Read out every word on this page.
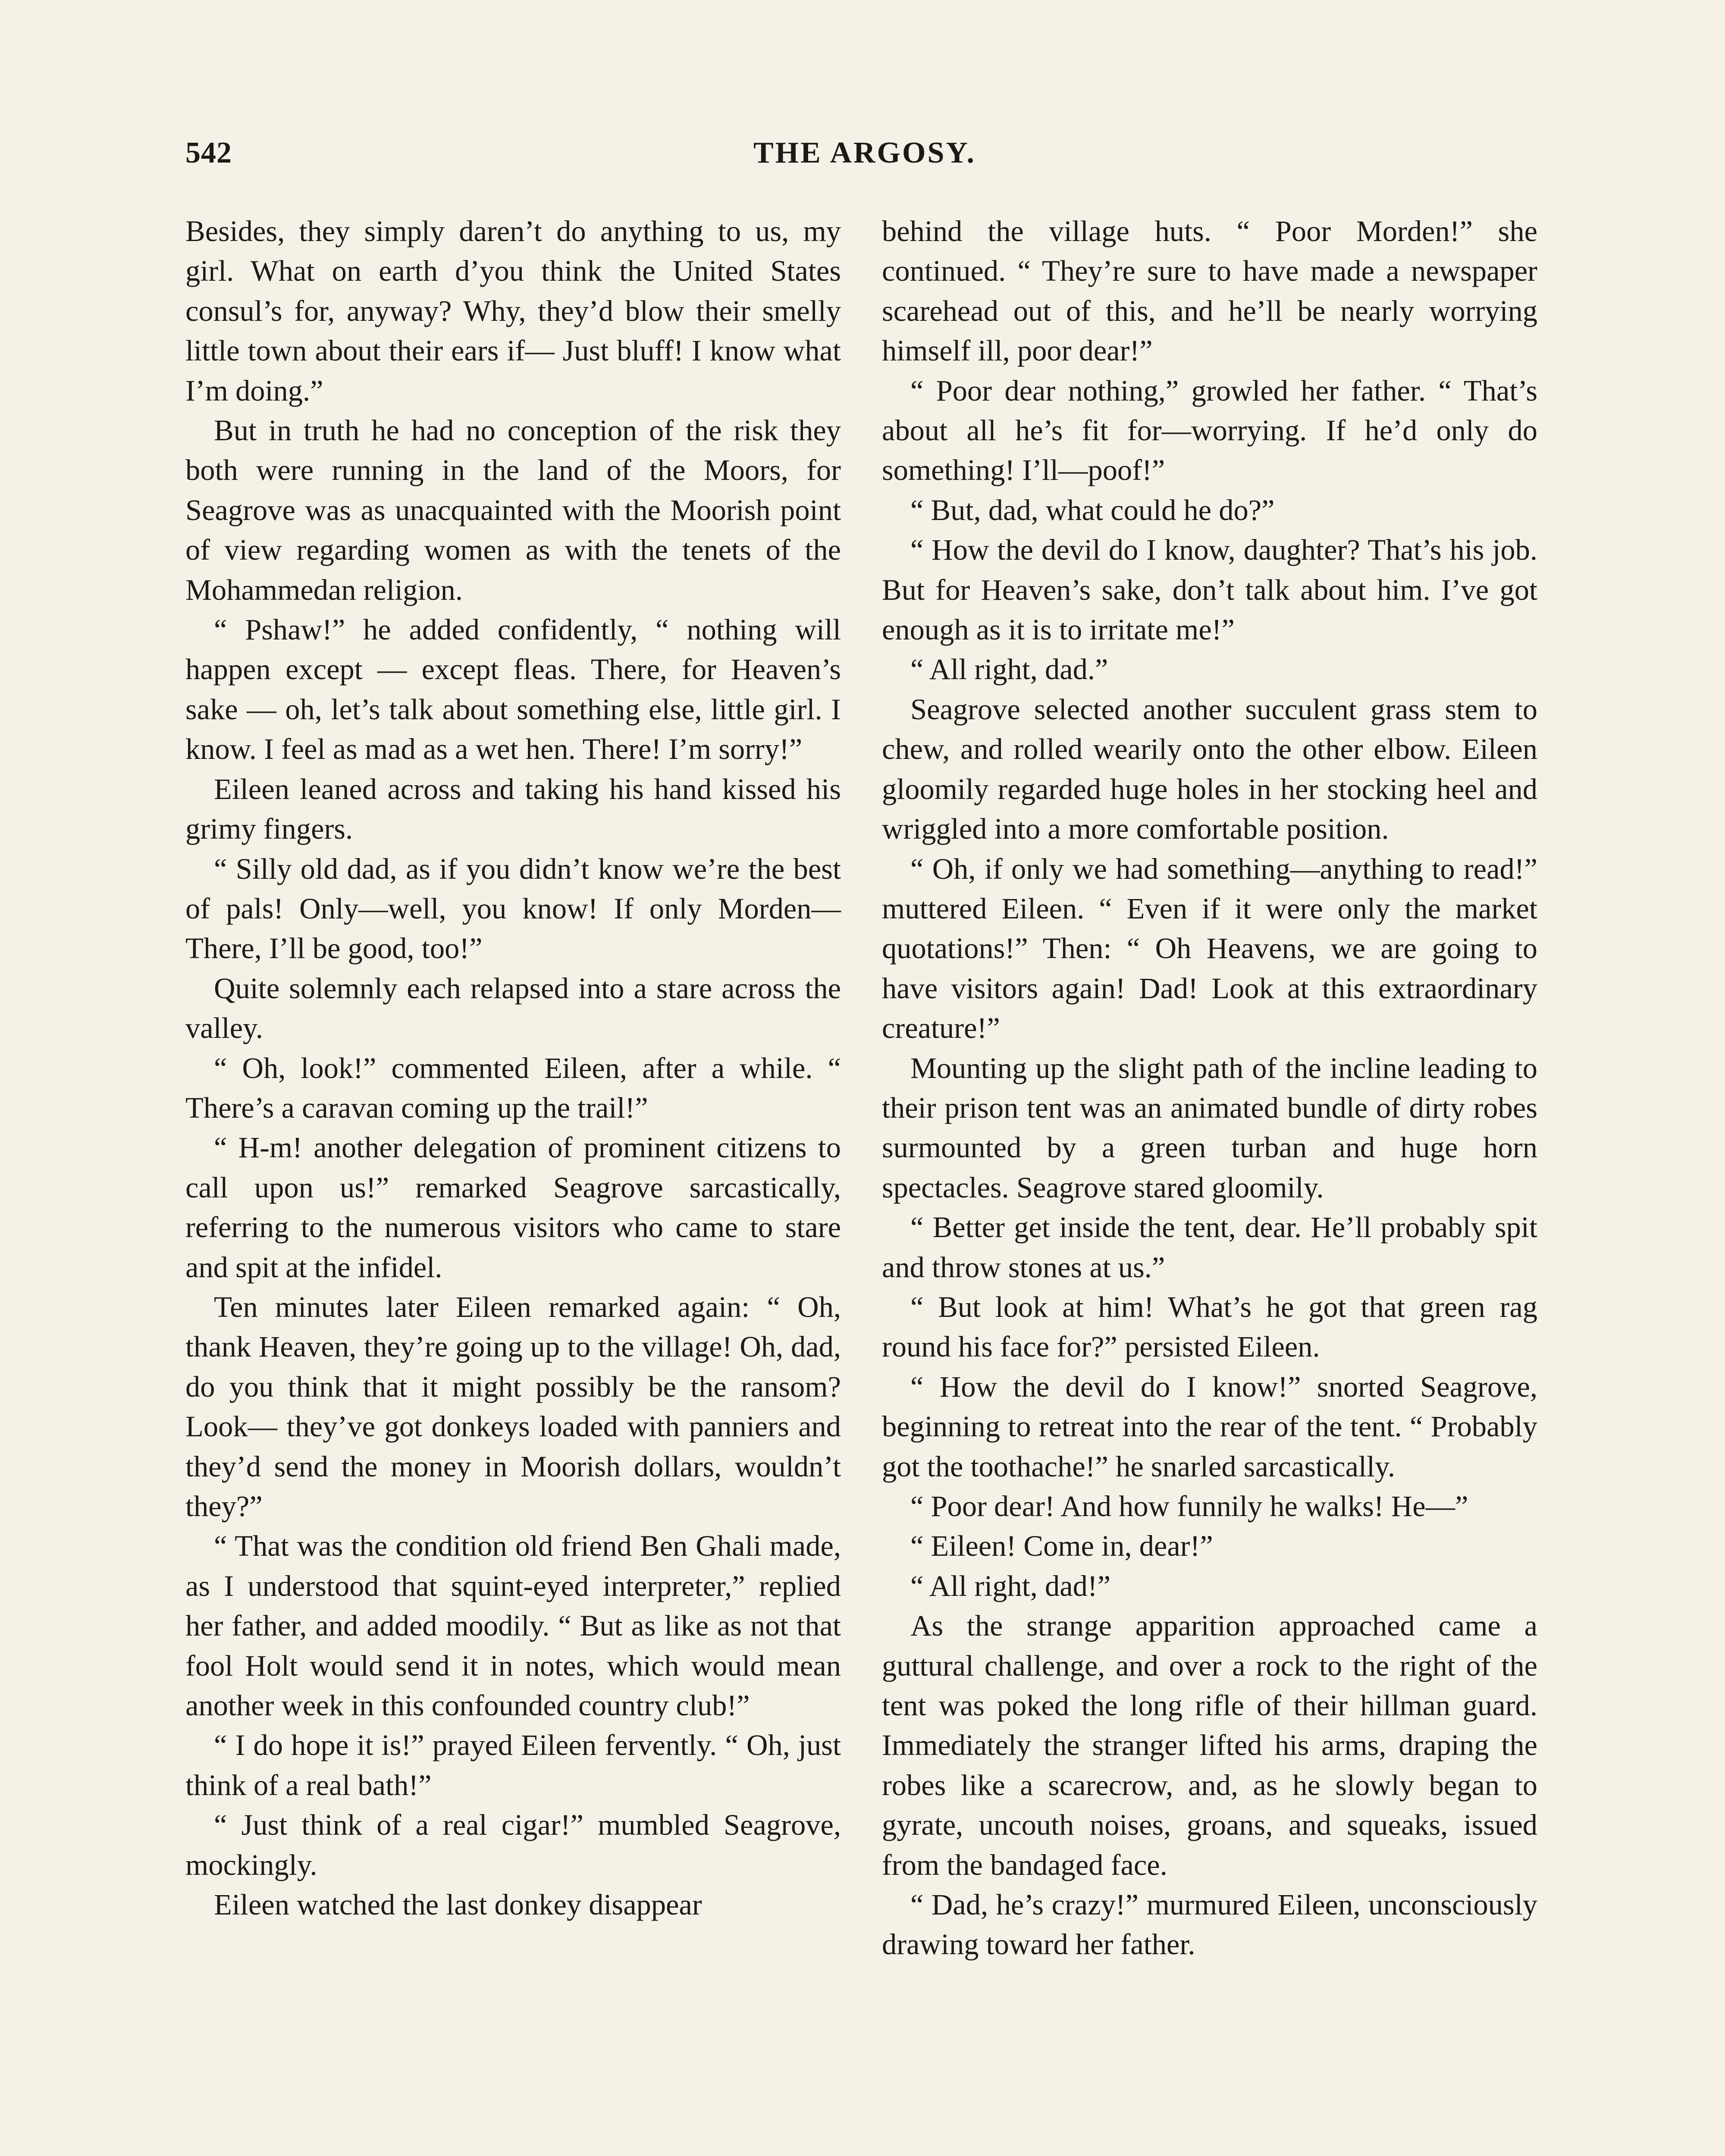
542	THE ARGOSY.

Besides, they simply daren’t do anything to us, my girl. What on earth d’you think the United States consul’s for, anyway? Why, they’d blow their smelly little town about their ears if— Just bluff! I know what I’m doing.”

But in truth he had no conception of the risk they both were running in the land of the Moors, for Seagrove was as unacquainted with the Moorish point of view regarding women as with the tenets of the Mohammedan religion.

“ Pshaw!” he added confidently, “ nothing will happen except — except fleas. There, for Heaven’s sake — oh, let’s talk about something else, little girl. I know. I feel as mad as a wet hen. There! I’m sorry!”

Eileen leaned across and taking his hand kissed his grimy fingers.

“ Silly old dad, as if you didn’t know we’re the best of pals! Only—well, you know! If only Morden— There, I’ll be good, too!”

Quite solemnly each relapsed into a stare across the valley.

“ Oh, look!” commented Eileen, after a while. “ There’s a caravan coming up the trail!”

“ H-m! another delegation of prominent citizens to call upon us!” remarked Seagrove sarcastically, referring to the numerous visitors who came to stare and spit at the infidel.

Ten minutes later Eileen remarked again: “ Oh, thank Heaven, they’re going up to the village! Oh, dad, do you think that it might possibly be the ransom? Look— they’ve got donkeys loaded with panniers and they’d send the money in Moorish dollars, wouldn’t they?”

“ That was the condition old friend Ben Ghali made, as I understood that squint-eyed interpreter,” replied her father, and added moodily. “ But as like as not that fool Holt would send it in notes, which would mean another week in this confounded country club!”

“ I do hope it is!” prayed Eileen fervently. “ Oh, just think of a real bath!”

“ Just think of a real cigar!” mumbled Seagrove, mockingly.

Eileen watched the last donkey disappear

behind the village huts. “ Poor Morden!” she continued. “ They’re sure to have made a newspaper scarehead out of this, and he’ll be nearly worrying himself ill, poor dear!”

“ Poor dear nothing,” growled her father. “ That’s about all he’s fit for—worrying. If he’d only do something! I’ll—poof!”

“ But, dad, what could he do?”

“ How the devil do I know, daughter? That’s his job. But for Heaven’s sake, don’t talk about him. I’ve got enough as it is to irritate me!”

“ All right, dad.”

Seagrove selected another succulent grass stem to chew, and rolled wearily onto the other elbow. Eileen gloomily regarded huge holes in her stocking heel and wriggled into a more comfortable position.

“ Oh, if only we had something—anything to read!” muttered Eileen. “ Even if it were only the market quotations!” Then: “ Oh Heavens, we are going to have visitors again! Dad! Look at this extraordinary creature!”

Mounting up the slight path of the incline leading to their prison tent was an animated bundle of dirty robes surmounted by a green turban and huge horn spectacles. Seagrove stared gloomily.

“ Better get inside the tent, dear. He’ll probably spit and throw stones at us.”

“ But look at him! What’s he got that green rag round his face for?” persisted Eileen.

“ How the devil do I know!” snorted Seagrove, beginning to retreat into the rear of the tent. “ Probably got the toothache!” he snarled sarcastically.

“ Poor dear! And how funnily he walks! He—”

“ Eileen! Come in, dear!”

“ All right, dad!”

As the strange apparition approached came a guttural challenge, and over a rock to the right of the tent was poked the long rifle of their hillman guard. Immediately the stranger lifted his arms, draping the robes like a scarecrow, and, as he slowly began to gyrate, uncouth noises, groans, and squeaks, issued from the bandaged face.

“ Dad, he’s crazy!” murmured Eileen, unconsciously drawing toward her father.
